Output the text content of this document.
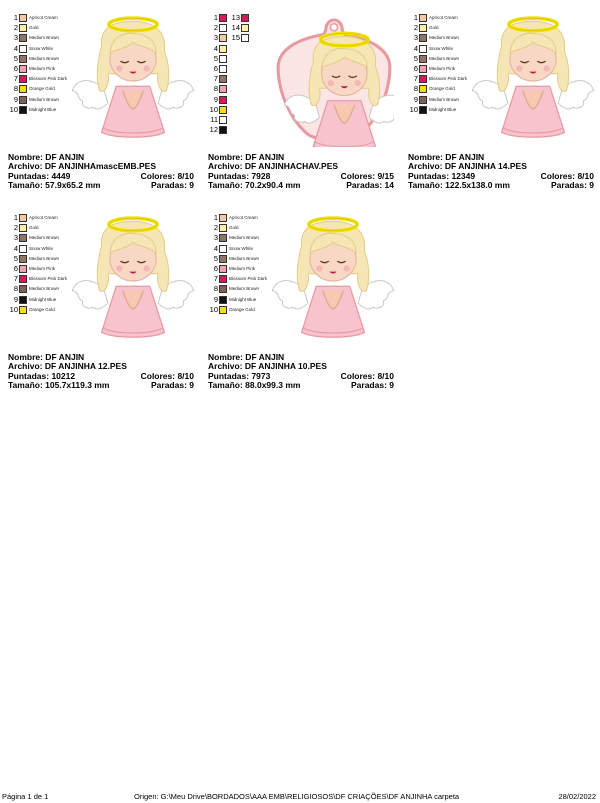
1 Apricot Cream
2 Gold
3 Medium Brown
4 Snow White
5 Medium Brown
6 Medium Pink
7 Blossom Pink Dark
8 Orange Gold
9 Medium Brown
10 Midnight Blue
Nombre: DF ANJIN
Archivo: DF ANJINHAmascEMB.PES
Puntadas: 4449	Colores: 8/10
Tamaño: 57.9x65.2 mm	Paradas: 9
1
2
3
4
5
6
7
8
9
10
11
12
13
14
15
Nombre: DF ANJIN
Archivo: DF ANJINHACHAV.PES
Puntadas: 7928	Colores: 9/15
Tamaño: 70.2x90.4 mm	Paradas: 14
1 Apricot Cream
2 Gold
3 Medium Brown
4 Snow White
5 Medium Brown
6 Medium Pink
7 Blossom Pink Dark
8 Orange Gold
9 Medium Brown
10 Midnight Blue
Nombre: DF ANJIN
Archivo: DF ANJINHA 14.PES
Puntadas: 12349	Colores: 8/10
Tamaño: 122.5x138.0 mm	Paradas: 9
1 Apricot Cream
2 Gold
3 Medium Brown
4 Snow White
5 Medium Brown
6 Medium Pink
7 Blossom Pink Dark
8 Medium Brown
9 Midnight Blue
10 Orange Gold
Nombre: DF ANJIN
Archivo: DF ANJINHA 12.PES
Puntadas: 10212	Colores: 8/10
Tamaño: 105.7x119.3 mm	Paradas: 9
1 Apricot Cream
2 Gold
3 Medium Brown
4 Snow White
5 Medium Brown
6 Medium Pink
7 Blossom Pink Dark
8 Medium Brown
9 Midnight Blue
10 Orange Gold
Nombre: DF ANJIN
Archivo: DF ANJINHA 10.PES
Puntadas: 7973	Colores: 8/10
Tamaño: 88.0x99.3 mm	Paradas: 9
Página 1 de 1	Origen: G:\Meu Drive\BORDADOS\AAA EMB\RELIGIOSOS\DF CRIAÇÕES\DF ANJINHA carpeta	28/02/2022
